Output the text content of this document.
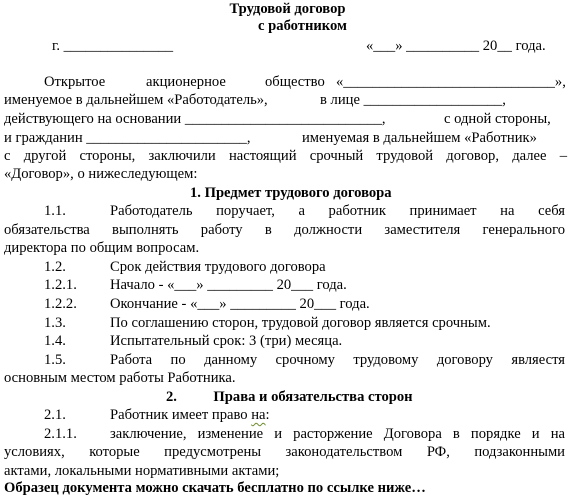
Трудовой договор
с работником
г. _______________	«___» __________ 20__ года.
Открытое	акционерное	общество «_____________________________»,
именуемое в дальнейшем «Работодатель»,	в лице ___________________,
действующего на основании ___________________________,	с одной стороны,
и гражданин ______________________,	именуемая в дальнейшем «Работник»
с другой стороны, заключили настоящий срочный трудовой договор, далее –
«Договор», о нижеследующем:
1. Предмет трудового договора
1.1.	Работодатель поручает, а работник принимает на себя
обязательства выполнять работу в должности заместителя генерального
директора по общим вопросам.
1.2.	Срок действия трудового договора
1.2.1. Начало - «___» _________ 20___ года.
1.2.2. Окончание - «___» _________ 20___ года.
1.3.	По соглашению сторон, трудовой договор является срочным.
1.4.	Испытательный срок: 3 (три) месяца.
1.5.	Работа по данному срочному трудовому договору являестя
основным местом работы Работника.
2.          Права и обязательства сторон
2.1.	Работник имеет право на:
2.1.1. заключение, изменение и расторжение Договора в порядке и на
условиях, которые предусмотрены законодательством РФ, подзаконными
актами, локальными нормативными актами;
Образец документа можно скачать бесплатно по ссылке ниже…
